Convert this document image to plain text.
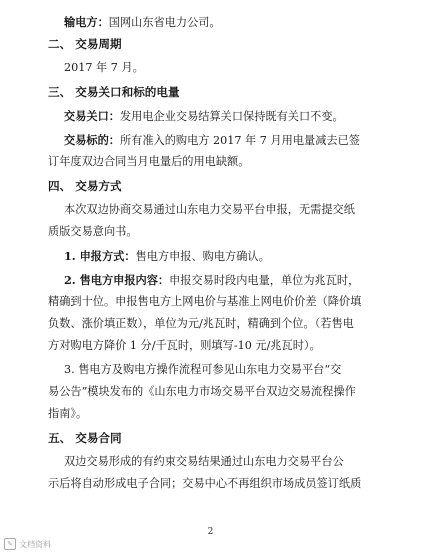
输电方：国网山东省电力公司。
二、 交易周期
2017 年 7 月。
三、 交易关口和标的电量
交易关口：发用电企业交易结算关口保持既有关口不变。
交易标的：所有准入的购电方 2017 年 7 月用电量减去已签
订年度双边合同当月电量后的用电缺额。
四、 交易方式
本次双边协商交易通过山东电力交易平台申报，无需提交纸
质版交易意向书。
1. 申报方式：售电方申报、购电方确认。
2. 售电方申报内容：申报交易时段内电量，单位为兆瓦时，
精确到十位。申报售电方上网电价与基准上网电价价差（降价填
负数、涨价填正数），单位为元/兆瓦时，精确到个位。（若售电
方对购电方降价 1 分/千瓦时，则填写-10 元/兆瓦时）。
3. 售电方及购电方操作流程可参见山东电力交易平台“交
易公告”模块发布的《山东电力市场交易平台双边交易流程操作
指南》。
五、 交易合同
双边交易形成的有约束交易结果通过山东电力交易平台公
示后将自动形成电子合同；交易中心不再组织市场成员签订纸质
2
✎ 文档资料
